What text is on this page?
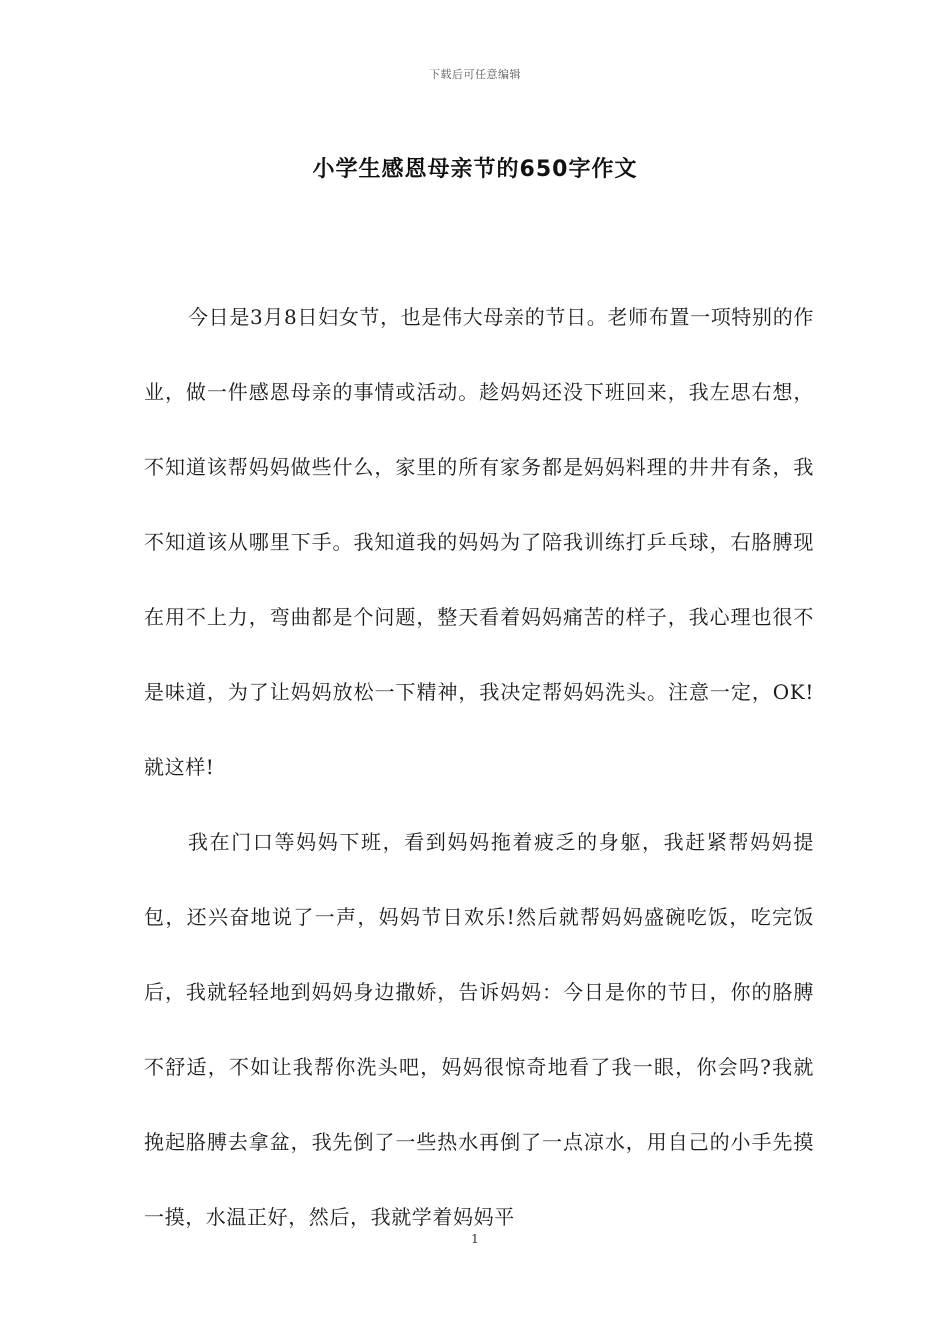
下载后可任意编辑
小学生感恩母亲节的650字作文

今日是3月8日妇女节，也是伟大母亲的节日。老师布置一项特别的作业，做一件感恩母亲的事情或活动。趁妈妈还没下班回来，我左思右想，不知道该帮妈妈做些什么，家里的所有家务都是妈妈料理的井井有条，我不知道该从哪里下手。我知道我的妈妈为了陪我训练打乒乓球，右胳膊现在用不上力，弯曲都是个问题，整天看着妈妈痛苦的样子，我心理也很不是味道，为了让妈妈放松一下精神，我决定帮妈妈洗头。注意一定，OK!就这样!

我在门口等妈妈下班，看到妈妈拖着疲乏的身躯，我赶紧帮妈妈提包，还兴奋地说了一声，妈妈节日欢乐!然后就帮妈妈盛碗吃饭，吃完饭后，我就轻轻地到妈妈身边撒娇，告诉妈妈：今日是你的节日，你的胳膊不舒适，不如让我帮你洗头吧，妈妈很惊奇地看了我一眼，你会吗?我就挽起胳膊去拿盆，我先倒了一些热水再倒了一点凉水，用自己的小手先摸一摸，水温正好，然后，我就学着妈妈平

1
